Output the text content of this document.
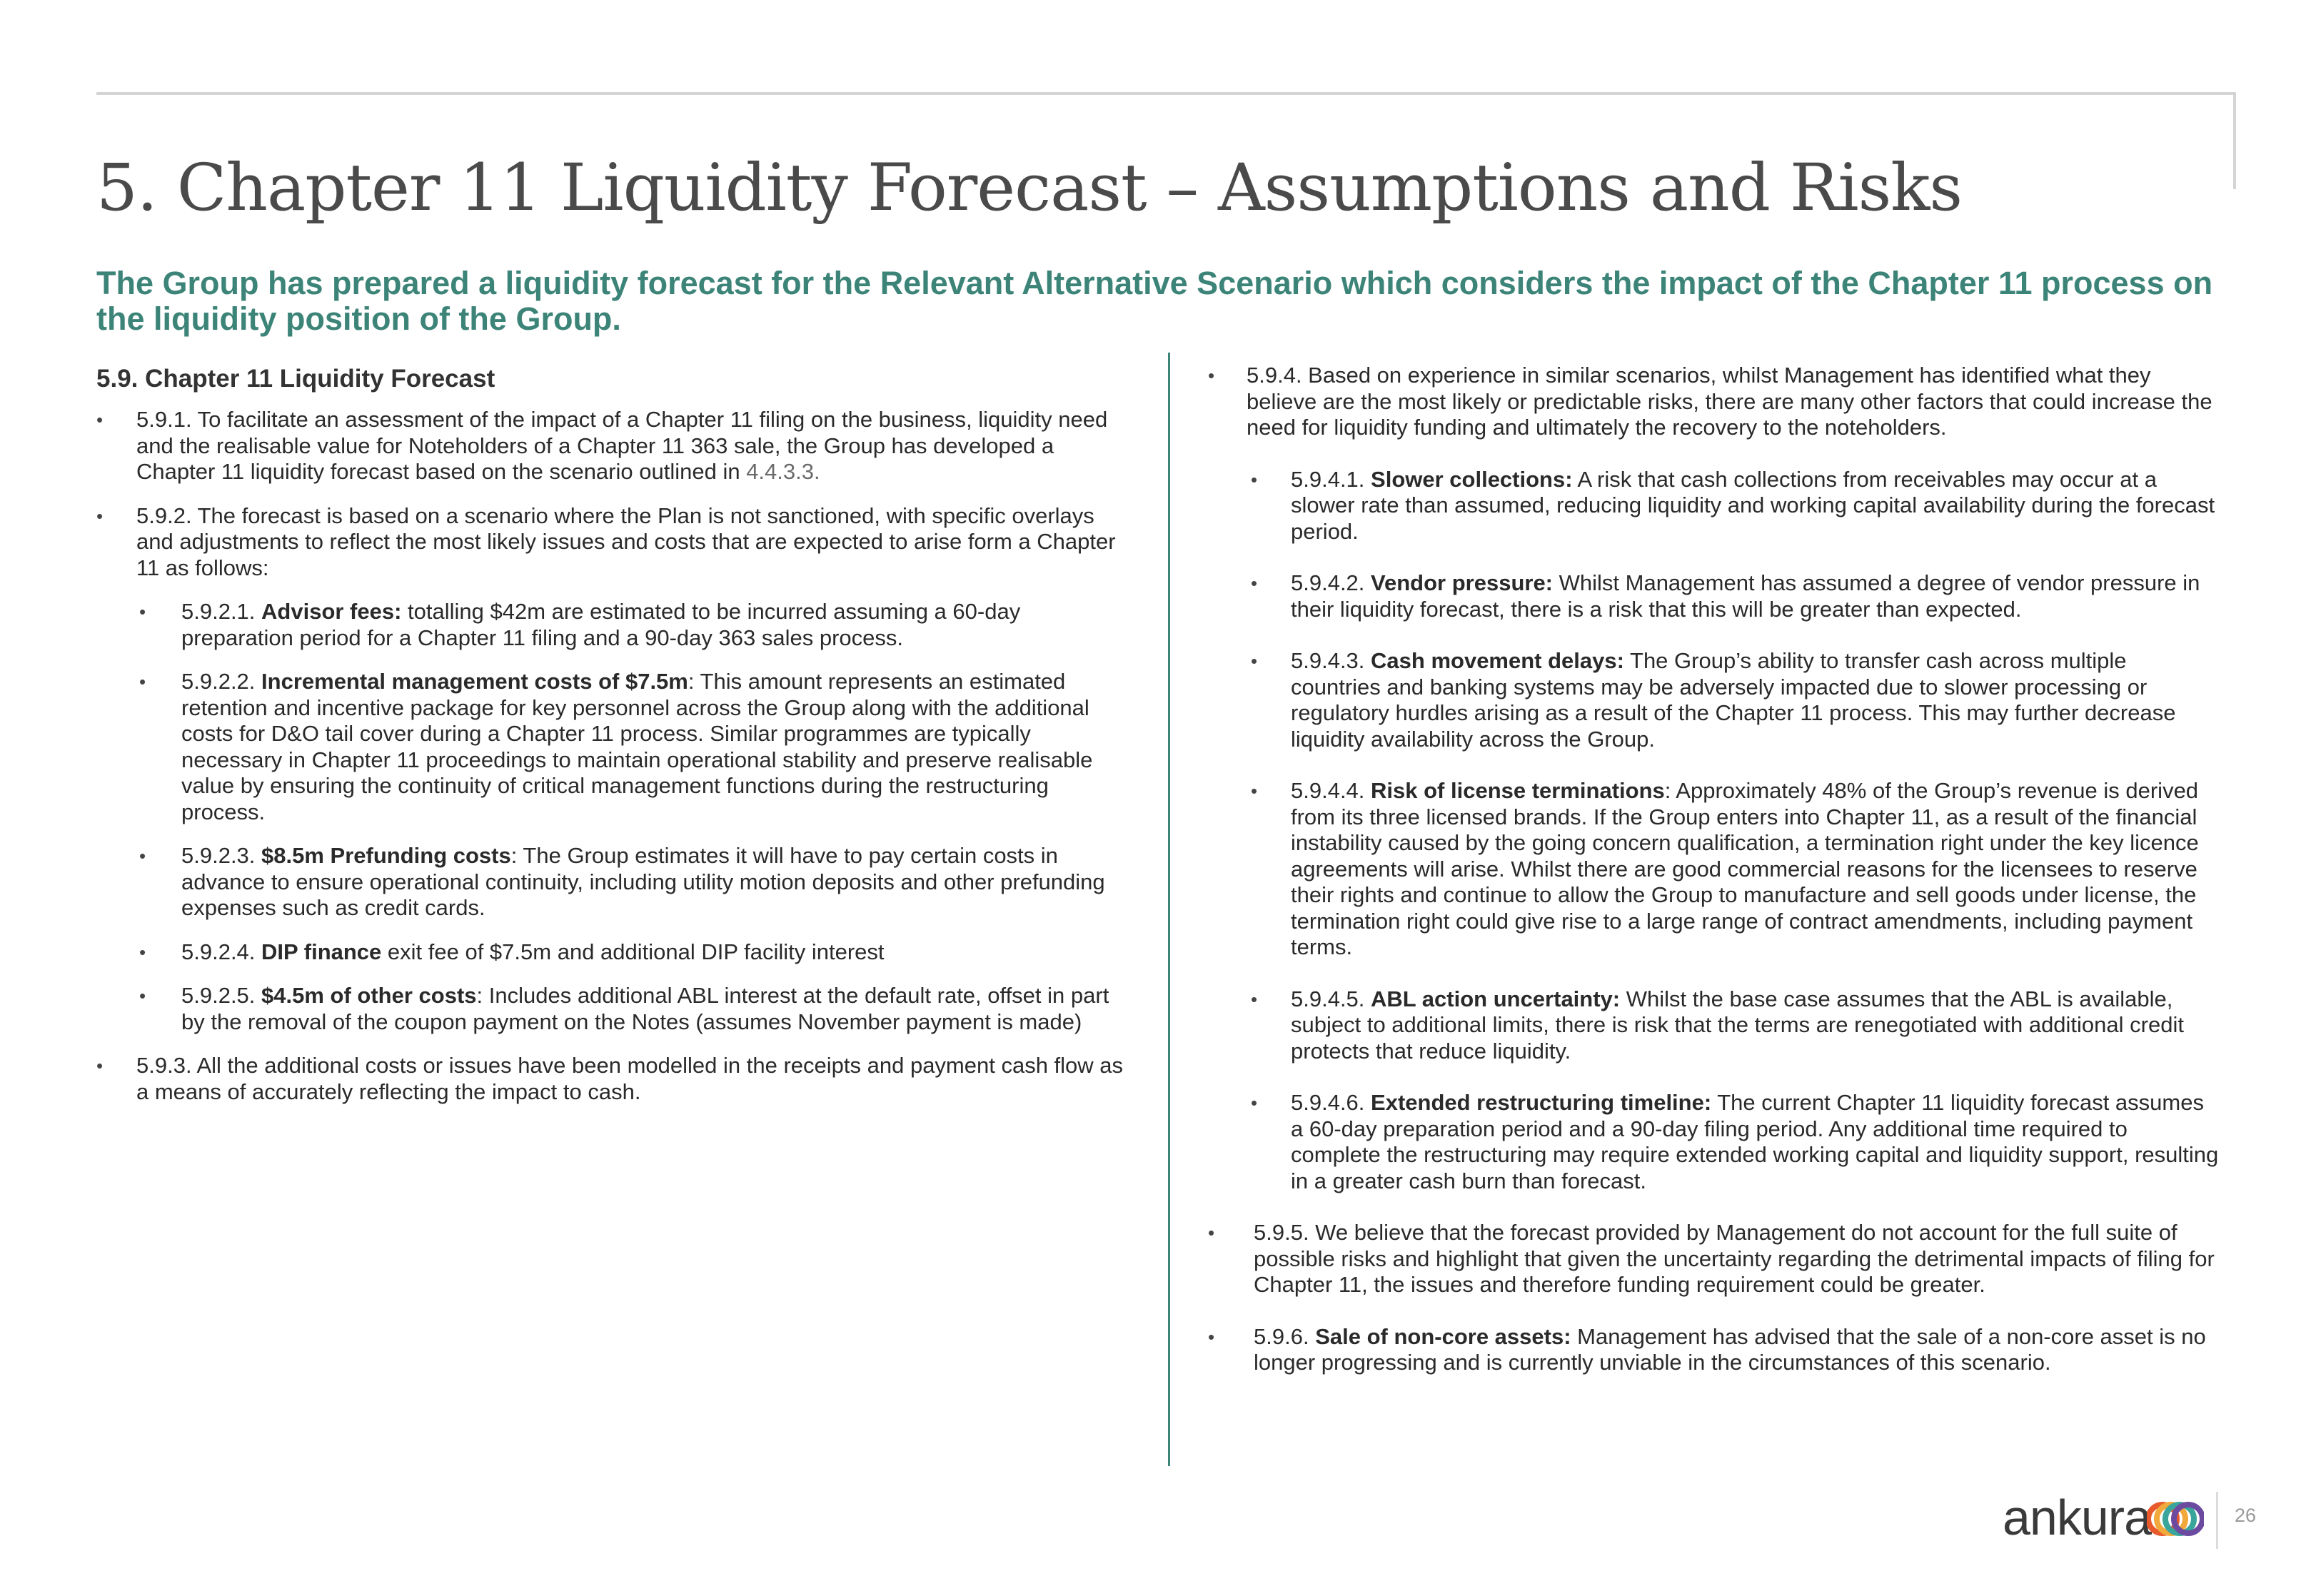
5. Chapter 11 Liquidity Forecast – Assumptions and Risks
The Group has prepared a liquidity forecast for the Relevant Alternative Scenario which considers the impact of the Chapter 11 process on the liquidity position of the Group.
5.9. Chapter 11 Liquidity Forecast
• 5.9.1. To facilitate an assessment of the impact of a Chapter 11 filing on the business, liquidity need and the realisable value for Noteholders of a Chapter 11 363 sale, the Group has developed a Chapter 11 liquidity forecast based on the scenario outlined in 4.4.3.3.
• 5.9.2. The forecast is based on a scenario where the Plan is not sanctioned, with specific overlays and adjustments to reflect the most likely issues and costs that are expected to arise form a Chapter 11 as follows:
• 5.9.2.1. Advisor fees: totalling $42m are estimated to be incurred assuming a 60-day preparation period for a Chapter 11 filing and a 90-day 363 sales process.
• 5.9.2.2. Incremental management costs of $7.5m: This amount represents an estimated retention and incentive package for key personnel across the Group along with the additional costs for D&O tail cover during a Chapter 11 process. Similar programmes are typically necessary in Chapter 11 proceedings to maintain operational stability and preserve realisable value by ensuring the continuity of critical management functions during the restructuring process.
• 5.9.2.3. $8.5m Prefunding costs: The Group estimates it will have to pay certain costs in advance to ensure operational continuity, including utility motion deposits and other prefunding expenses such as credit cards.
• 5.9.2.4. DIP finance exit fee of $7.5m and additional DIP facility interest
• 5.9.2.5. $4.5m of other costs: Includes additional ABL interest at the default rate, offset in part by the removal of the coupon payment on the Notes (assumes November payment is made)
• 5.9.3. All the additional costs or issues have been modelled in the receipts and payment cash flow as a means of accurately reflecting the impact to cash.
• 5.9.4. Based on experience in similar scenarios, whilst Management has identified what they believe are the most likely or predictable risks, there are many other factors that could increase the need for liquidity funding and ultimately the recovery to the noteholders.
• 5.9.4.1. Slower collections: A risk that cash collections from receivables may occur at a slower rate than assumed, reducing liquidity and working capital availability during the forecast period.
• 5.9.4.2. Vendor pressure: Whilst Management has assumed a degree of vendor pressure in their liquidity forecast, there is a risk that this will be greater than expected.
• 5.9.4.3. Cash movement delays: The Group’s ability to transfer cash across multiple countries and banking systems may be adversely impacted due to slower processing or regulatory hurdles arising as a result of the Chapter 11 process. This may further decrease liquidity availability across the Group.
• 5.9.4.4. Risk of license terminations: Approximately 48% of the Group’s revenue is derived from its three licensed brands. If the Group enters into Chapter 11, as a result of the financial instability caused by the going concern qualification, a termination right under the key licence agreements will arise. Whilst there are good commercial reasons for the licensees to reserve their rights and continue to allow the Group to manufacture and sell goods under license, the termination right could give rise to a large range of contract amendments, including payment terms.
• 5.9.4.5. ABL action uncertainty: Whilst the base case assumes that the ABL is available, subject to additional limits, there is risk that the terms are renegotiated with additional credit protects that reduce liquidity.
• 5.9.4.6. Extended restructuring timeline: The current Chapter 11 liquidity forecast assumes a 60-day preparation period and a 90-day filing period. Any additional time required to complete the restructuring may require extended working capital and liquidity support, resulting in a greater cash burn than forecast.
• 5.9.5. We believe that the forecast provided by Management do not account for the full suite of possible risks and highlight that given the uncertainty regarding the detrimental impacts of filing for Chapter 11, the issues and therefore funding requirement could be greater.
• 5.9.6. Sale of non-core assets: Management has advised that the sale of a non-core asset is no longer progressing and is currently unviable in the circumstances of this scenario.
ankura	26
